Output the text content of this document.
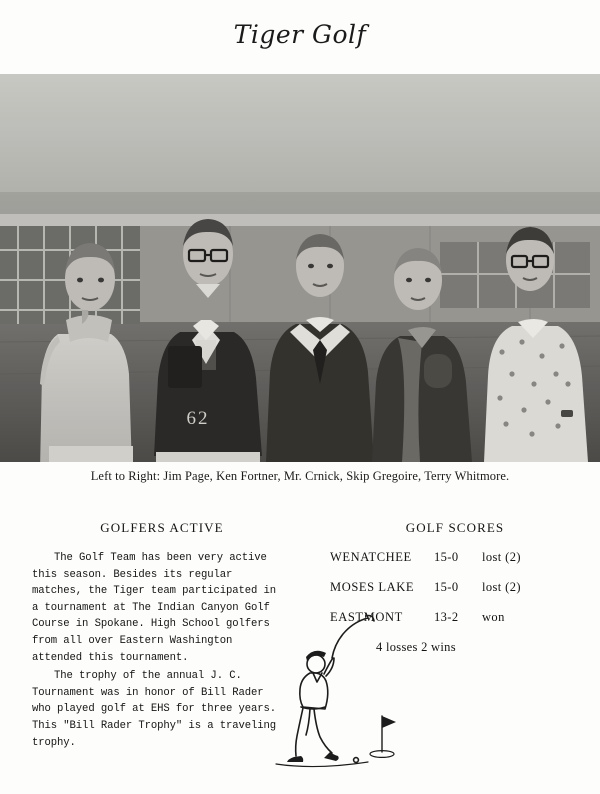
Tiger Golf
62
Left to Right: Jim Page, Ken Fortner, Mr. Crnick, Skip Gregoire, Terry Whitmore.
GOLFERS ACTIVE

The Golf Team has been very active this season. Besides its regular matches, the Tiger team participated in a tournament at The Indian Canyon Golf Course in Spokane. High School golfers from all over Eastern Washington attended this tournament.

The trophy of the annual J. C. Tournament was in honor of Bill Rader who played golf at EHS for three years. This "Bill Rader Trophy" is a traveling trophy.

GOLF SCORES
WENATCHEE	15-0	lost (2)
MOSES LAKE	15-0	lost (2)
EASTMONT	13-2	won
4 losses 2 wins
